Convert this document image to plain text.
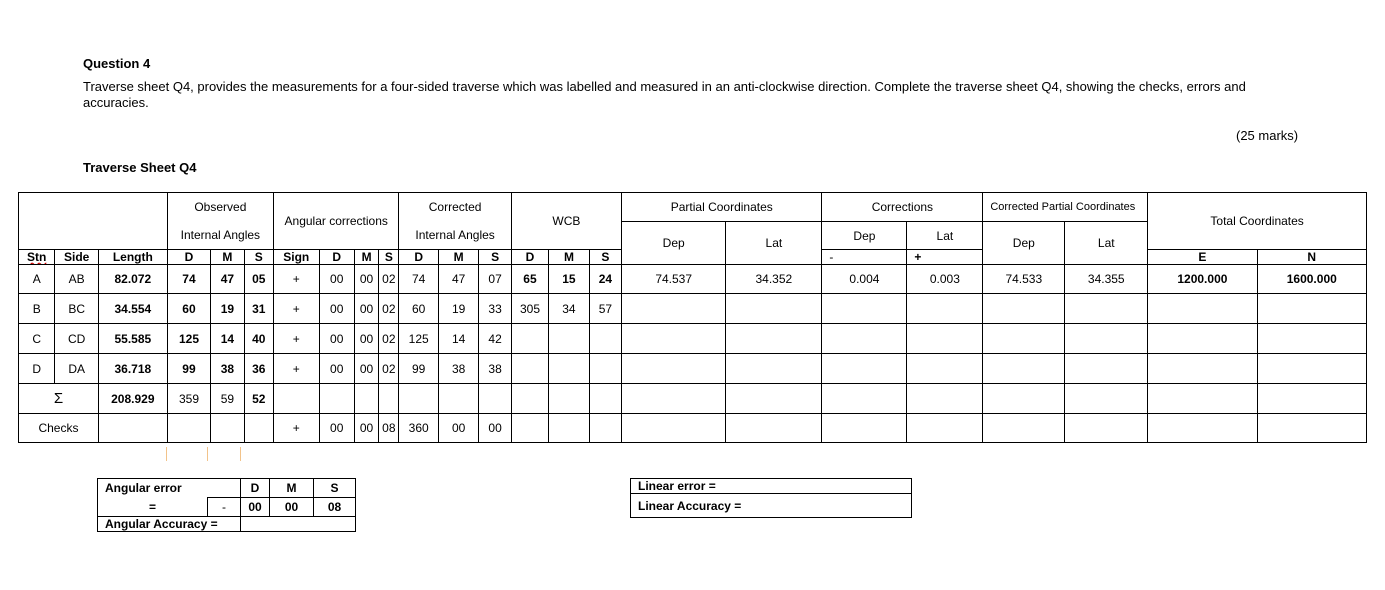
Question 4
Traverse sheet Q4, provides the measurements for a four-sided traverse which was labelled and measured in an anti-clockwise direction. Complete the traverse sheet Q4, showing the checks, errors and accuracies.
(25 marks)
Traverse Sheet Q4
			Observed			Angular corrections				Corrected			WCB			Partial Coordinates		Corrections		Corrected Partial Coordinates		Total Coordinates	
			Internal Angles							Internal Angles						Dep	Lat	Dep	Lat	Dep	Lat		
Stn	Side	Length	D	M	S	Sign	D	M	S	D	M	S	D	M	S			-	+			E	N
A	AB	82.072	74	47	05	+	00	00	02	74	47	07	65	15	24	74.537	34.352	0.004	0.003	74.533	34.355	1200.000	1600.000
B	BC	34.554	60	19	31	+	00	00	02	60	19	33	305	34	57								
C	CD	55.585	125	14	40	+	00	00	02	125	14	42											
D	DA	36.718	99	38	36	+	00	00	02	99	38	38											
Σ		208.929	359	59	52																		
Checks						+	00	00	08	360	00	00											
Angular error		D	M	S
=	-	00	00	08
Angular Accuracy =				
Linear error =
Linear Accuracy =
